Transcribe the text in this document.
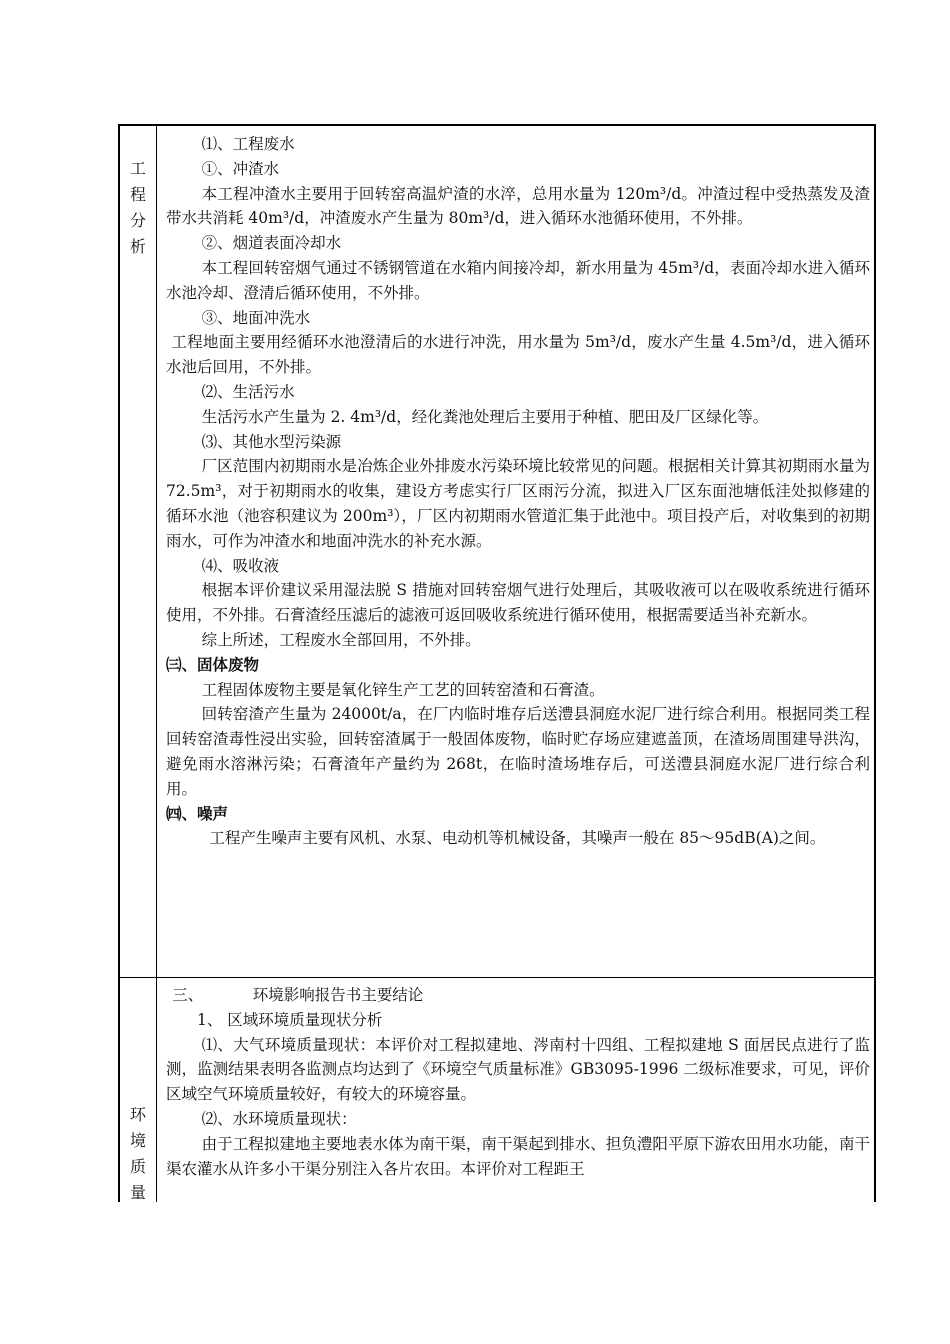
工
程
分
析

⑴、工程废水

①、冲渣水

本工程冲渣水主要用于回转窑高温炉渣的水淬，总用水量为 120m³/d。冲渣过程中受热蒸发及渣带水共消耗 40m³/d，冲渣废水产生量为 80m³/d，进入循环水池循环使用，不外排。

②、烟道表面冷却水

本工程回转窑烟气通过不锈钢管道在水箱内间接冷却，新水用量为 45m³/d，表面冷却水进入循环水池冷却、澄清后循环使用，不外排。

③、地面冲洗水

工程地面主要用经循环水池澄清后的水进行冲洗，用水量为 5m³/d，废水产生量 4.5m³/d，进入循环水池后回用，不外排。

⑵、生活污水

生活污水产生量为 2. 4m³/d，经化粪池处理后主要用于种植、肥田及厂区绿化等。

⑶、其他水型污染源

厂区范围内初期雨水是冶炼企业外排废水污染环境比较常见的问题。根据相关计算其初期雨水量为 72.5m³，对于初期雨水的收集，建设方考虑实行厂区雨污分流，拟进入厂区东面池塘低洼处拟修建的循环水池（池容积建议为 200m³），厂区内初期雨水管道汇集于此池中。项目投产后，对收集到的初期雨水，可作为冲渣水和地面冲洗水的补充水源。

⑷、吸收液

根据本评价建议采用湿法脱 S 措施对回转窑烟气进行处理后，其吸收液可以在吸收系统进行循环使用，不外排。石膏渣经压滤后的滤液可返回吸收系统进行循环使用，根据需要适当补充新水。

综上所述，工程废水全部回用，不外排。

㈢、固体废物

工程固体废物主要是氧化锌生产工艺的回转窑渣和石膏渣。

回转窑渣产生量为 24000t/a，在厂内临时堆存后送澧县洞庭水泥厂进行综合利用。根据同类工程回转窑渣毒性浸出实验，回转窑渣属于一般固体废物，临时贮存场应建遮盖顶，在渣场周围建导洪沟，避免雨水溶淋污染；石膏渣年产量约为 268t，在临时渣场堆存后，可送澧县洞庭水泥厂进行综合利用。

㈣、噪声

工程产生噪声主要有风机、水泵、电动机等机械设备，其噪声一般在 85～95dB(A)之间。

环
境
质
量

三、	环境影响报告书主要结论

1、 区域环境质量现状分析

⑴、大气环境质量现状：本评价对工程拟建地、涔南村十四组、工程拟建地 S 面居民点进行了监测，监测结果表明各监测点均达到了《环境空气质量标准》GB3095-1996 二级标准要求，可见，评价区域空气环境质量较好，有较大的环境容量。

⑵、水环境质量现状：

由于工程拟建地主要地表水体为南干渠，南干渠起到排水、担负澧阳平原下游农田用水功能，南干渠农灌水从许多小干渠分别注入各片农田。本评价对工程距王
